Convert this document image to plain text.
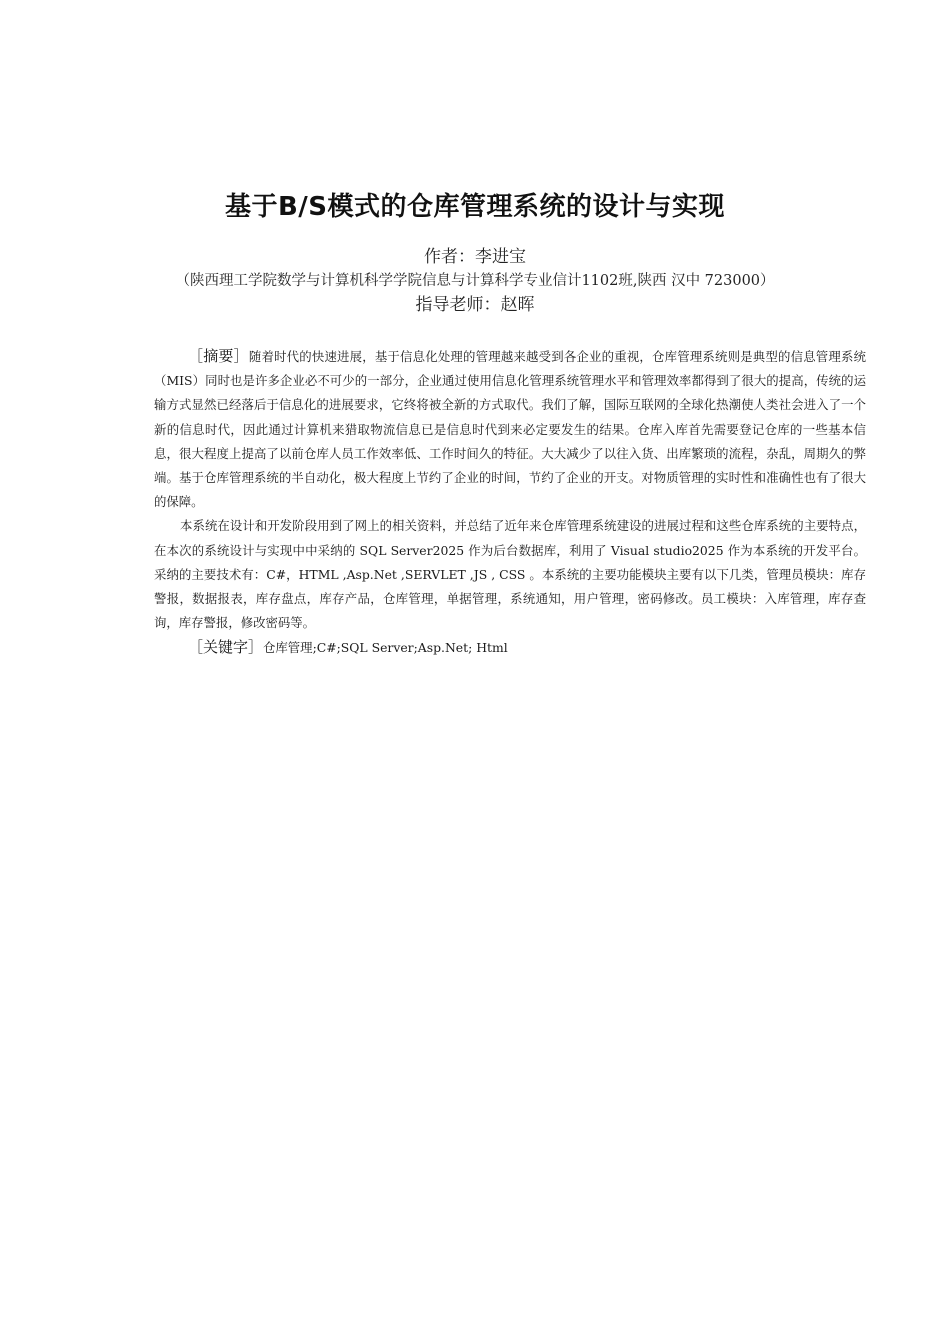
基于B/S模式的仓库管理系统的设计与实现
作者：李进宝
（陕西理工学院数学与计算机科学学院信息与计算科学专业信计1102班,陕西 汉中 723000）
指导老师：赵晖

［摘要］随着时代的快速进展，基于信息化处理的管理越来越受到各企业的重视，仓库管理系统则是典型的信息管理系统（MIS）同时也是许多企业必不可少的一部分，企业通过使用信息化管理系统管理水平和管理效率都得到了很大的提高，传统的运输方式显然已经落后于信息化的进展要求，它终将被全新的方式取代。我们了解，国际互联网的全球化热潮使人类社会进入了一个新的信息时代，因此通过计算机来猎取物流信息已是信息时代到来必定要发生的结果。仓库入库首先需要登记仓库的一些基本信息，很大程度上提高了以前仓库人员工作效率低、工作时间久的特征。大大减少了以往入货、出库繁琐的流程，杂乱，周期久的弊端。基于仓库管理系统的半自动化，极大程度上节约了企业的时间，节约了企业的开支。对物质管理的实时性和准确性也有了很大的保障。

本系统在设计和开发阶段用到了网上的相关资料，并总结了近年来仓库管理系统建设的进展过程和这些仓库系统的主要特点，在本次的系统设计与实现中中采纳的 SQL Server2025 作为后台数据库，利用了 Visual studio2025 作为本系统的开发平台。采纳的主要技术有：C#，HTML ,Asp.Net ,SERVLET ,JS , CSS 。本系统的主要功能模块主要有以下几类，管理员模块：库存警报，数据报表，库存盘点，库存产品，仓库管理，单据管理，系统通知，用户管理，密码修改。员工模块：入库管理，库存查询，库存警报，修改密码等。

［关键字］仓库管理;C#;SQL Server;Asp.Net; Html
